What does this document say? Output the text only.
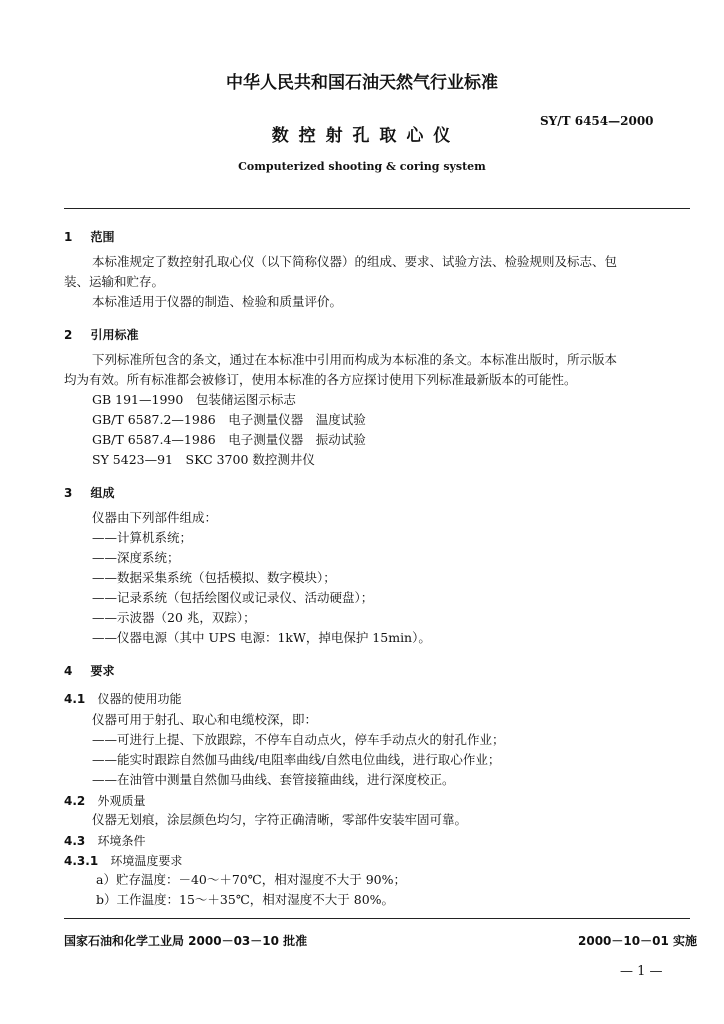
中华人民共和国石油天然气行业标准
SY/T 6454—2000
数 控 射 孔 取 心 仪
Computerized shooting & coring system
1 范围
本标准规定了数控射孔取心仪（以下简称仪器）的组成、要求、试验方法、检验规则及标志、包
装、运输和贮存。
本标准适用于仪器的制造、检验和质量评价。
2 引用标准
下列标准所包含的条文，通过在本标准中引用而构成为本标准的条文。本标准出版时，所示版本
均为有效。所有标准都会被修订，使用本标准的各方应探讨使用下列标准最新版本的可能性。
GB 191—1990　包装储运图示标志
GB/T 6587.2—1986　电子测量仪器　温度试验
GB/T 6587.4—1986　电子测量仪器　振动试验
SY 5423—91　SKC 3700 数控测井仪
3 组成
仪器由下列部件组成：
——计算机系统；
——深度系统；
——数据采集系统（包括模拟、数字模块）；
——记录系统（包括绘图仪或记录仪、活动硬盘）；
——示波器（20 兆，双踪）；
——仪器电源（其中 UPS 电源：1kW，掉电保护 15min）。
4 要求
4.1 仪器的使用功能
仪器可用于射孔、取心和电缆校深，即：
——可进行上提、下放跟踪，不停车自动点火，停车手动点火的射孔作业；
——能实时跟踪自然伽马曲线/电阻率曲线/自然电位曲线，进行取心作业；
——在油管中测量自然伽马曲线、套管接箍曲线，进行深度校正。
4.2 外观质量
仪器无划痕，涂层颜色均匀，字符正确清晰，零部件安装牢固可靠。
4.3 环境条件
4.3.1 环境温度要求
a）贮存温度：－40～＋70℃，相对湿度不大于 90%；
b）工作温度：15～＋35℃，相对湿度不大于 80%。
国家石油和化学工业局 2000－03－10 批准	2000－10－01 实施
— 1 —
